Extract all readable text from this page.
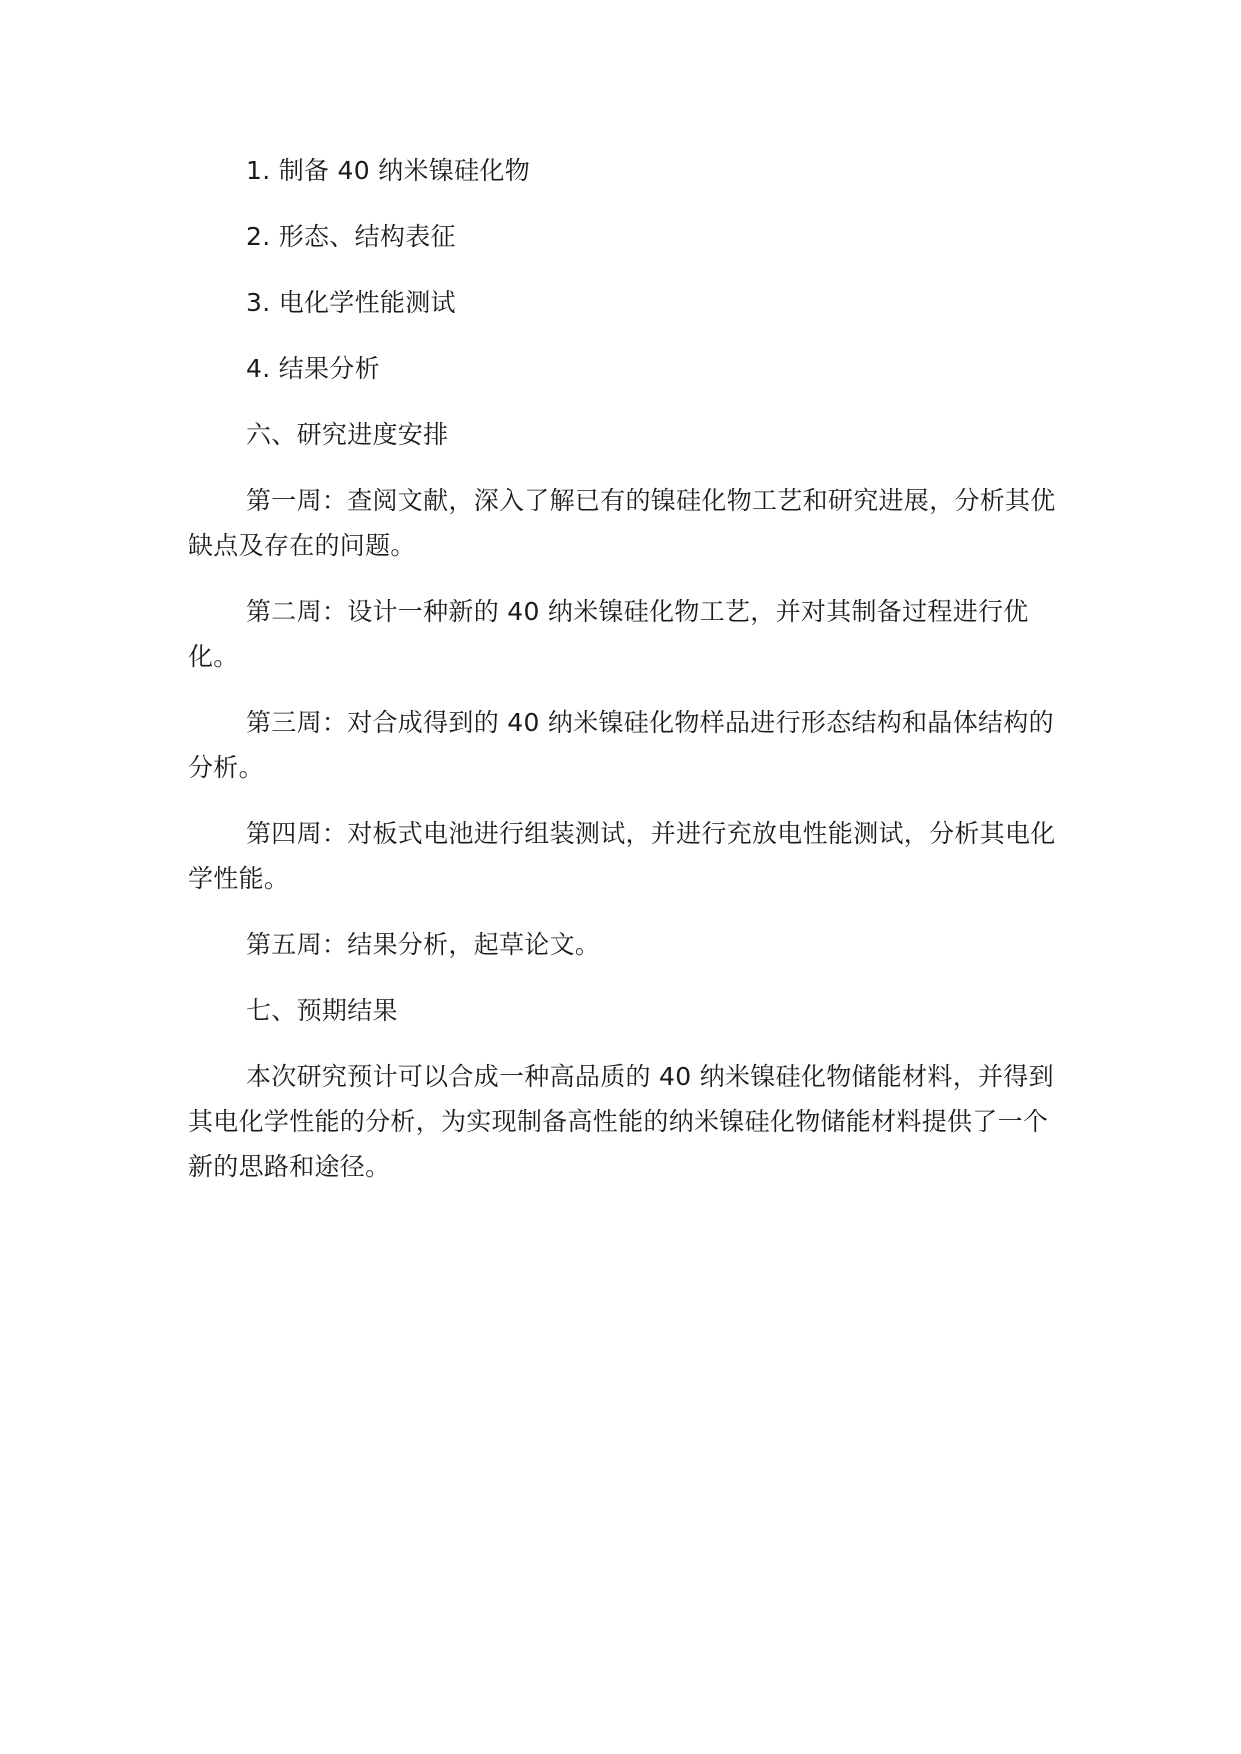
1. 制备 40 纳米镍硅化物

2. 形态、结构表征

3. 电化学性能测试

4. 结果分析

六、研究进度安排

第一周：查阅文献，深入了解已有的镍硅化物工艺和研究进展，分析其优缺点及存在的问题。

第二周：设计一种新的 40 纳米镍硅化物工艺，并对其制备过程进行优化。

第三周：对合成得到的 40 纳米镍硅化物样品进行形态结构和晶体结构的分析。

第四周：对板式电池进行组装测试，并进行充放电性能测试，分析其电化学性能。

第五周：结果分析，起草论文。

七、预期结果

本次研究预计可以合成一种高品质的 40 纳米镍硅化物储能材料，并得到其电化学性能的分析，为实现制备高性能的纳米镍硅化物储能材料提供了一个新的思路和途径。
